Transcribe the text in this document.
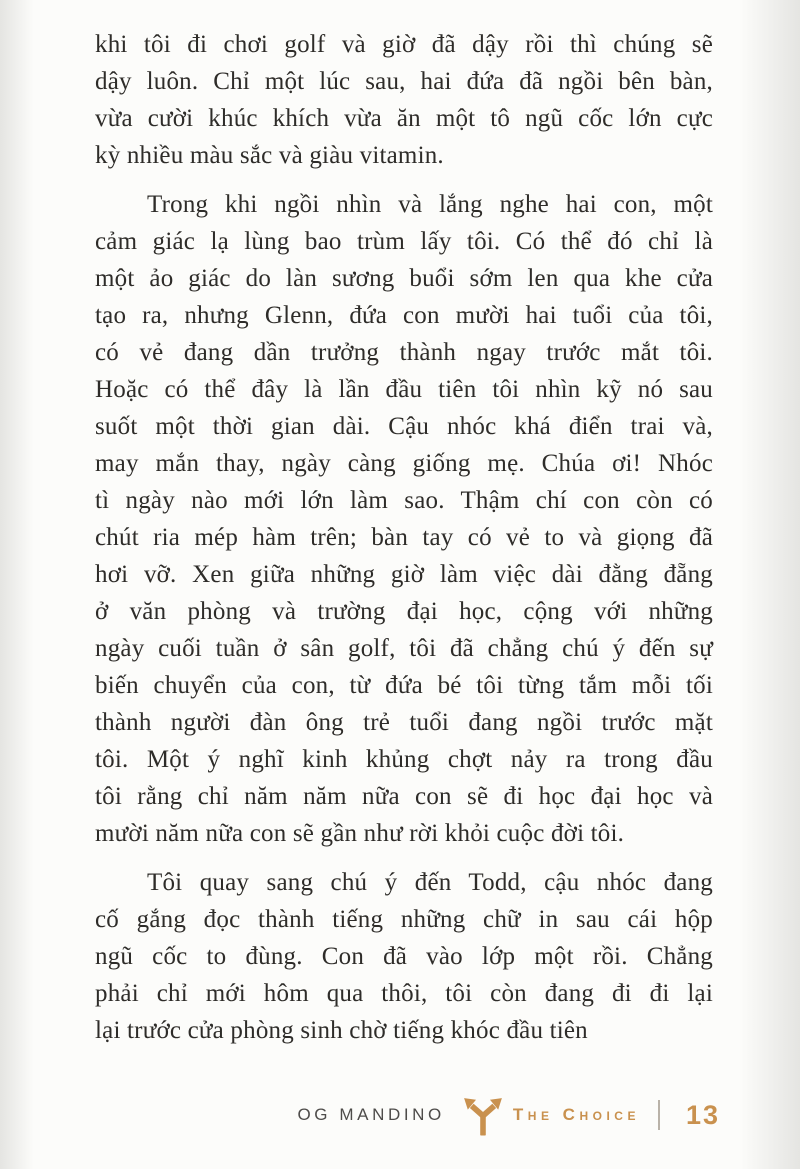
khi tôi đi chơi golf và giờ đã dậy rồi thì chúng sẽ
dậy luôn. Chỉ một lúc sau, hai đứa đã ngồi bên bàn,
vừa cười khúc khích vừa ăn một tô ngũ cốc lớn cực
kỳ nhiều màu sắc và giàu vitamin.
Trong khi ngồi nhìn và lắng nghe hai con, một
cảm giác lạ lùng bao trùm lấy tôi. Có thể đó chỉ là
một ảo giác do làn sương buổi sớm len qua khe cửa
tạo ra, nhưng Glenn, đứa con mười hai tuổi của tôi,
có vẻ đang dần trưởng thành ngay trước mắt tôi.
Hoặc có thể đây là lần đầu tiên tôi nhìn kỹ nó sau
suốt một thời gian dài. Cậu nhóc khá điển trai và,
may mắn thay, ngày càng giống mẹ. Chúa ơi! Nhóc
tì ngày nào mới lớn làm sao. Thậm chí con còn có
chút ria mép hàm trên; bàn tay có vẻ to và giọng đã
hơi vỡ. Xen giữa những giờ làm việc dài đằng đẵng
ở văn phòng và trường đại học, cộng với những
ngày cuối tuần ở sân golf, tôi đã chẳng chú ý đến sự
biến chuyển của con, từ đứa bé tôi từng tắm mỗi tối
thành người đàn ông trẻ tuổi đang ngồi trước mặt
tôi. Một ý nghĩ kinh khủng chợt nảy ra trong đầu
tôi rằng chỉ năm năm nữa con sẽ đi học đại học và
mười năm nữa con sẽ gần như rời khỏi cuộc đời tôi.
Tôi quay sang chú ý đến Todd, cậu nhóc đang
cố gắng đọc thành tiếng những chữ in sau cái hộp
ngũ cốc to đùng. Con đã vào lớp một rồi. Chẳng
phải chỉ mới hôm qua thôi, tôi còn đang đi đi lại
lại trước cửa phòng sinh chờ tiếng khóc đầu tiên
OG MANDINO	The Choice 13
